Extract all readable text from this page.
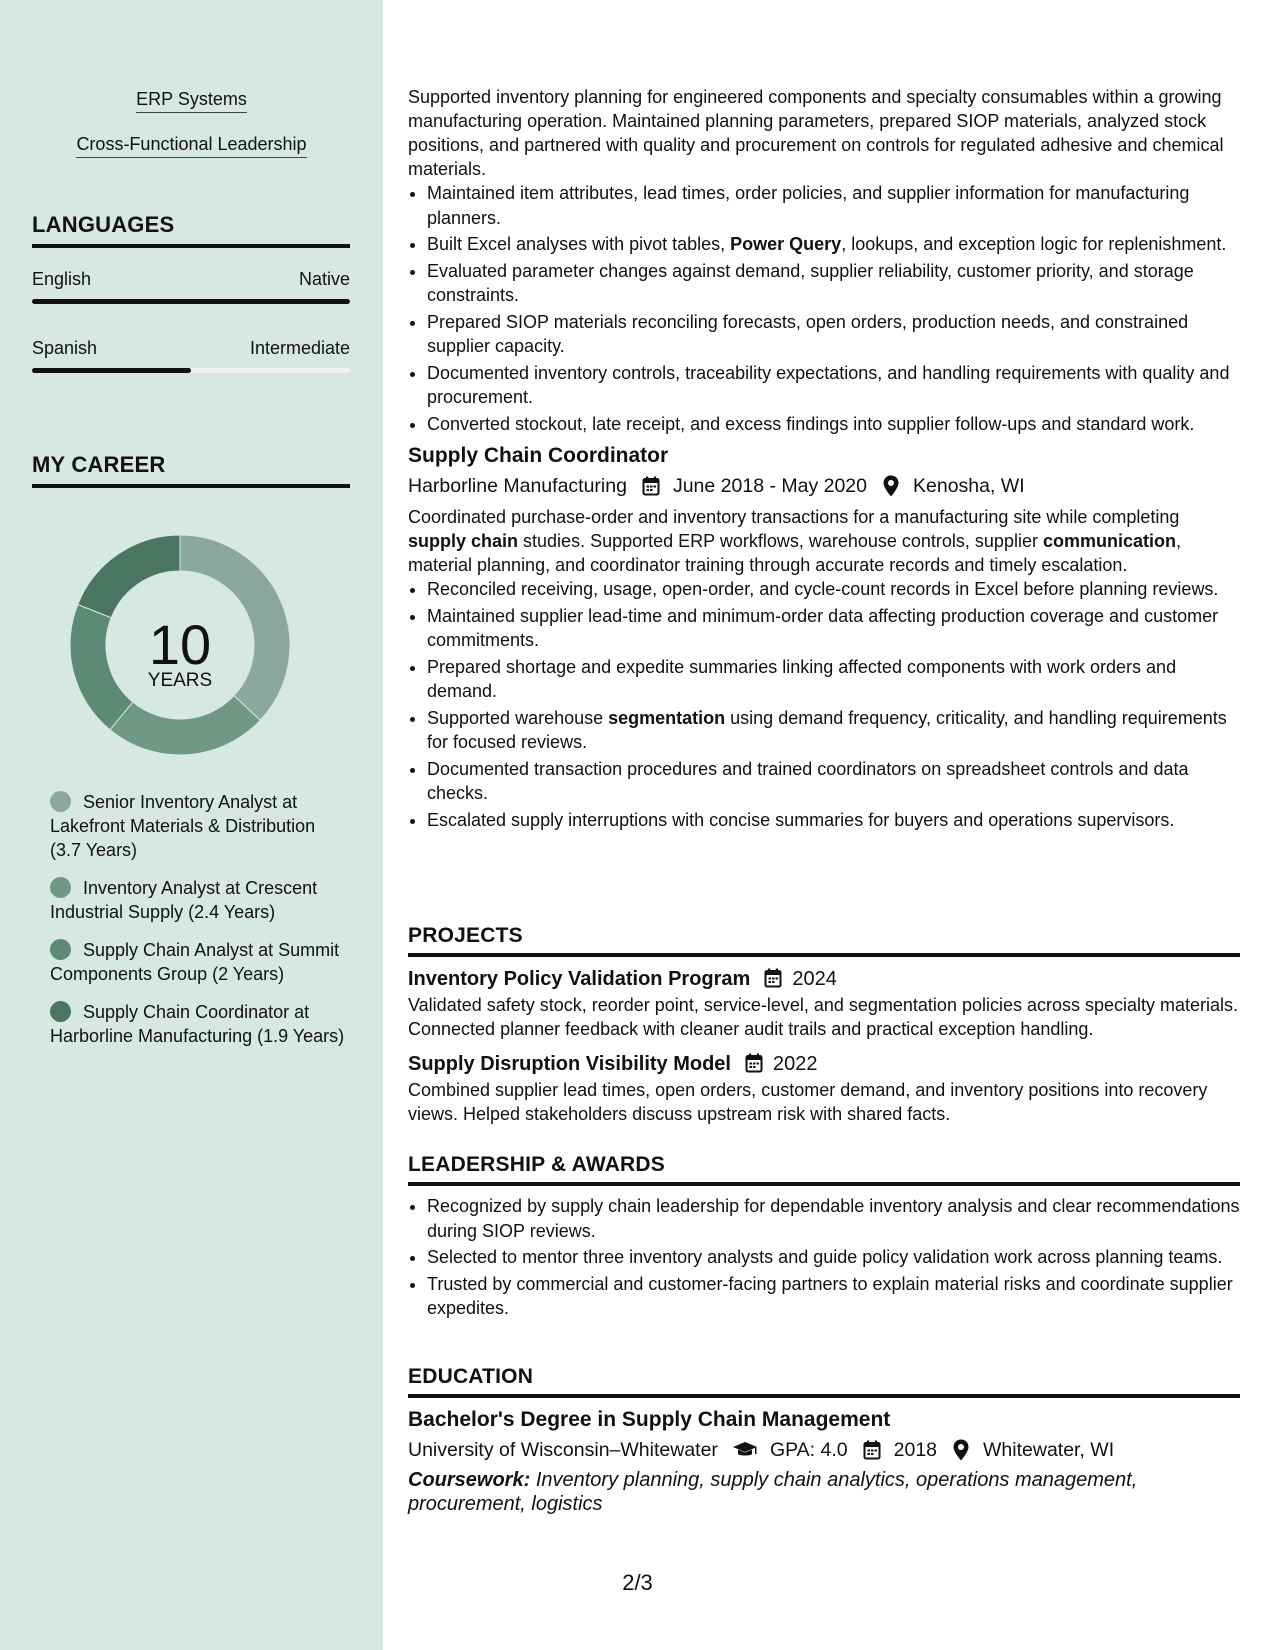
ERP Systems
Cross-Functional Leadership
LANGUAGES
English	Native
Spanish	Intermediate
MY CAREER
10
YEARS
Senior Inventory Analyst at Lakefront Materials & Distribution (3.7 Years)
Inventory Analyst at Crescent Industrial Supply (2.4 Years)
Supply Chain Analyst at Summit Components Group (2 Years)
Supply Chain Coordinator at Harborline Manufacturing (1.9 Years)

Supported inventory planning for engineered components and specialty consumables within a growing manufacturing operation. Maintained planning parameters, prepared SIOP materials, analyzed stock positions, and partnered with quality and procurement on controls for regulated adhesive and chemical materials.

• Maintained item attributes, lead times, order policies, and supplier information for manufacturing planners.
• Built Excel analyses with pivot tables, Power Query, lookups, and exception logic for replenishment.
• Evaluated parameter changes against demand, supplier reliability, customer priority, and storage constraints.
• Prepared SIOP materials reconciling forecasts, open orders, production needs, and constrained supplier capacity.
• Documented inventory controls, traceability expectations, and handling requirements with quality and procurement.
• Converted stockout, late receipt, and excess findings into supplier follow-ups and standard work.
Supply Chain Coordinator
Harborline Manufacturing June 2018 - May 2020 Kenosha, WI

Coordinated purchase-order and inventory transactions for a manufacturing site while completing supply chain studies. Supported ERP workflows, warehouse controls, supplier communication, material planning, and coordinator training through accurate records and timely escalation.

• Reconciled receiving, usage, open-order, and cycle-count records in Excel before planning reviews.
• Maintained supplier lead-time and minimum-order data affecting production coverage and customer commitments.
• Prepared shortage and expedite summaries linking affected components with work orders and demand.
• Supported warehouse segmentation using demand frequency, criticality, and handling requirements for focused reviews.
• Documented transaction procedures and trained coordinators on spreadsheet controls and data checks.
• Escalated supply interruptions with concise summaries for buyers and operations supervisors.
PROJECTS
Inventory Policy Validation Program 2024

Validated safety stock, reorder point, service-level, and segmentation policies across specialty materials. Connected planner feedback with cleaner audit trails and practical exception handling.

Supply Disruption Visibility Model 2022

Combined supplier lead times, open orders, customer demand, and inventory positions into recovery views. Helped stakeholders discuss upstream risk with shared facts.

LEADERSHIP & AWARDS
• Recognized by supply chain leadership for dependable inventory analysis and clear recommendations during SIOP reviews.
• Selected to mentor three inventory analysts and guide policy validation work across planning teams.
• Trusted by commercial and customer-facing partners to explain material risks and coordinate supplier expedites.
EDUCATION
Bachelor's Degree in Supply Chain Management
University of Wisconsin–Whitewater	GPA: 4.0 2018 Whitewater, WI

Coursework: Inventory planning, supply chain analytics, operations management, procurement, logistics

2/3
